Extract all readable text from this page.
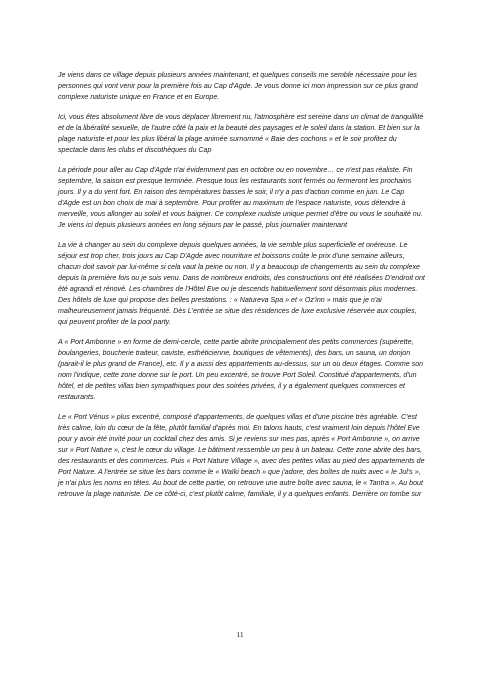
Je viens dans ce village depuis plusieurs années maintenant, et quelques conseils me semble nécessaire pour les personnes qui vont venir pour la première fois au Cap d'Agde. Je vous donne ici mon impression sur ce plus grand complexe naturiste unique en France et en Europe.

Ici, vous êtes absolument libre de vous déplacer librement nu, l'atmosphère est sereine dans un climat de tranquillité et de la libéralité sexuelle, de l'autre côté la paix et la beauté des paysages et le soleil dans la station. Et bien sur la plage naturiste et pour les plus libéral la plage animée surnommé « Baie des cochons » et le soir profitez du spectacle dans les clubs et discothèques du Cap

La période pour aller au Cap d'Agde n'ai évidemment pas en octobre ou en novembre… ce n'est pas réaliste. Fin septembre, la saison est presque terminée. Presque tous les restaurants sont fermés ou fermeront les prochains jours. Il y a du vent fort. En raison des températures basses le soir, il n'y a pas d'action comme en juin. Le Cap d'Agde est un bon choix de mai à septembre. Pour profiter au maximum de l'espace naturiste, vous détendre à merveille, vous allonger au soleil et vous baigner. Ce complexe nudiste unique permet d'être ou vous le souhaité nu. Je viens ici depuis plusieurs années en long séjours par le passé, plus journalier maintenant

La vie à changer au sein du complexe depuis quelques années, la vie semble plus superficielle et onéreuse. Le séjour est trop cher, trois jours au Cap D'Agde avec nourriture et boissons coûte le prix d'une semaine ailleurs, chacun doit savoir par lui-même si cela vaut la peine ou non. Il y a beaucoup de changements au sein du complexe depuis la première fois ou je suis venu. Dans de nombreux endroits, des constructions ont été réalisées D'endroit ont été agrandi et rénové. Les chambres de l'Hôtel Eve ou je descends habituellement sont désormais plus modernes. Des hôtels de luxe qui propose des belles prestations. : « Natureva Spa » et « Oz'inn » mais que je n'ai malheureusement jamais fréquenté. Dès L'entrée se situe des résidences de luxe exclusive réservée aux couples, qui peuvent profiter de la pool party.

A « Port Ambonne » en forme de demi-cercle, cette partie abrite principalement des petits commerces (supérette, boulangeries, boucherie traiteur, caviste, esthéticienne, boutiques de vêtements), des bars, un sauna, un donjon (parait-il le plus grand de France), etc. Il y a aussi des appartements au-dessus, sur un ou deux étages. Comme son nom l'indique, cette zone donne sur le port. Un peu excentré, se trouve Port Soleil. Constitué d'appartements, d'un hôtel, et de petites villas bien sympathiques pour des soirées privées, il y a également quelques commerces et restaurants.

Le « Port Vénus » plus excentré, composé d'appartements, de quelques villas et d'une piscine très agréable. C'est très calme, loin du cœur de la fête, plutôt familial d'après moi. En talons hauts, c'est vraiment loin depuis l'hôtel Eve pour y avoir été invité pour un cocktail chez des amis. Si je reviens sur mes pas, après « Port Ambonne », on arrive sur » Port Nature », c'est le cœur du village. Le bâtiment ressemble un peu à un bateau. Cette zone abrite des bars, des restaurants et des commerces. Puis « Port Nature Village », avec des petites villas au pied des appartements de Port Nature. A l'entrée se situe les bars comme le « Waïki beach » que j'adore, des boîtes de nuits avec « le Jul's », je n'ai plus les noms en têtes. Au bout de cette partie, on retrouve une autre boîte avec sauna, le « Tantra ». Au bout retrouve la plage naturiste. De ce côté-ci, c'est plutôt calme, familiale, il y a quelques enfants. Derrière on tombe sur

11
